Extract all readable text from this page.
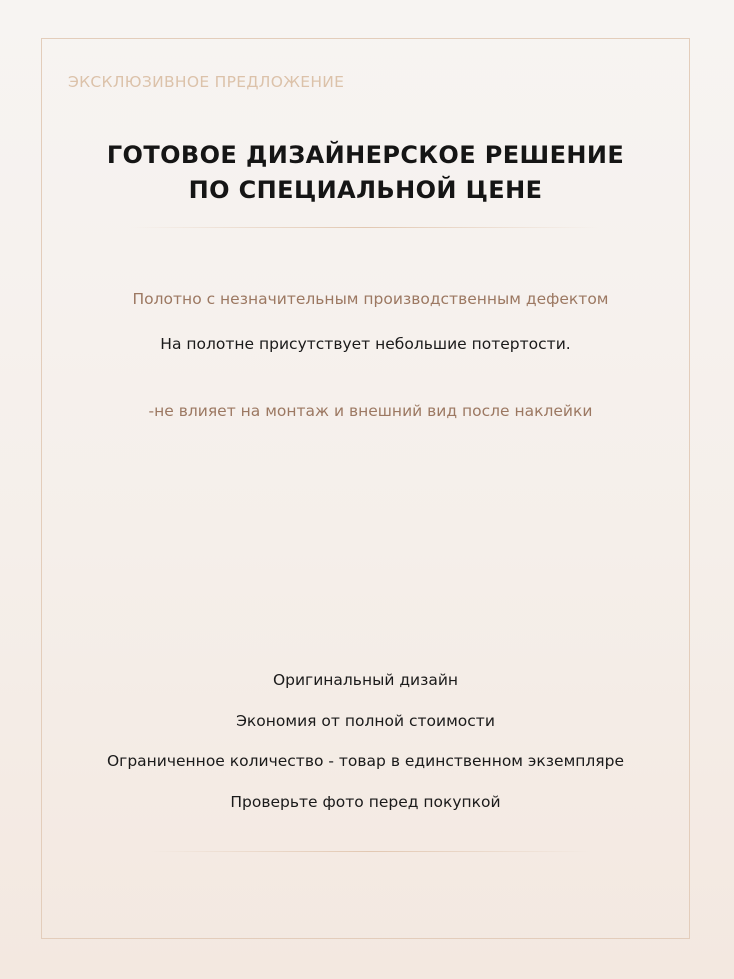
ЭКСКЛЮЗИВНОЕ ПРЕДЛОЖЕНИЕ
ГОТОВОЕ ДИЗАЙНЕРСКОЕ РЕШЕНИЕ
ПО СПЕЦИАЛЬНОЙ ЦЕНЕ
Полотно с незначительным производственным дефектом
На полотне присутствует небольшие потертости.
-не влияет на монтаж и внешний вид после наклейки
Оригинальный дизайн
Экономия от полной стоимости
Ограниченное количество - товар в единственном экземпляре
Проверьте фото перед покупкой
